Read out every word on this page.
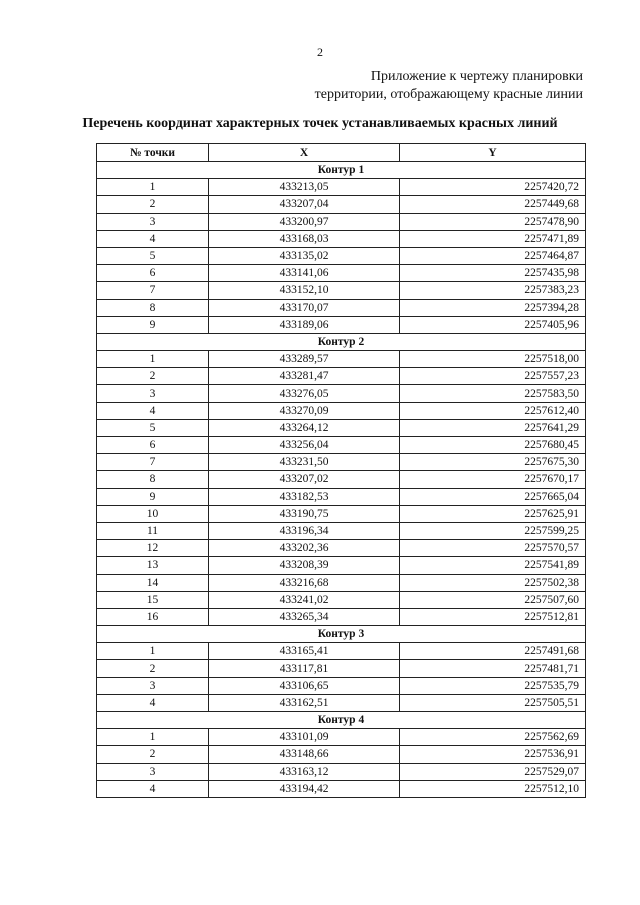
2
Приложение к чертежу планировки
территории, отображающему красные линии
Перечень координат характерных точек устанавливаемых красных линий
№ точки	X	Y
Контур 1		
1	433213,05	2257420,72
2	433207,04	2257449,68
3	433200,97	2257478,90
4	433168,03	2257471,89
5	433135,02	2257464,87
6	433141,06	2257435,98
7	433152,10	2257383,23
8	433170,07	2257394,28
9	433189,06	2257405,96
Контур 2		
1	433289,57	2257518,00
2	433281,47	2257557,23
3	433276,05	2257583,50
4	433270,09	2257612,40
5	433264,12	2257641,29
6	433256,04	2257680,45
7	433231,50	2257675,30
8	433207,02	2257670,17
9	433182,53	2257665,04
10	433190,75	2257625,91
11	433196,34	2257599,25
12	433202,36	2257570,57
13	433208,39	2257541,89
14	433216,68	2257502,38
15	433241,02	2257507,60
16	433265,34	2257512,81
Контур 3		
1	433165,41	2257491,68
2	433117,81	2257481,71
3	433106,65	2257535,79
4	433162,51	2257505,51
Контур 4		
1	433101,09	2257562,69
2	433148,66	2257536,91
3	433163,12	2257529,07
4	433194,42	2257512,10
